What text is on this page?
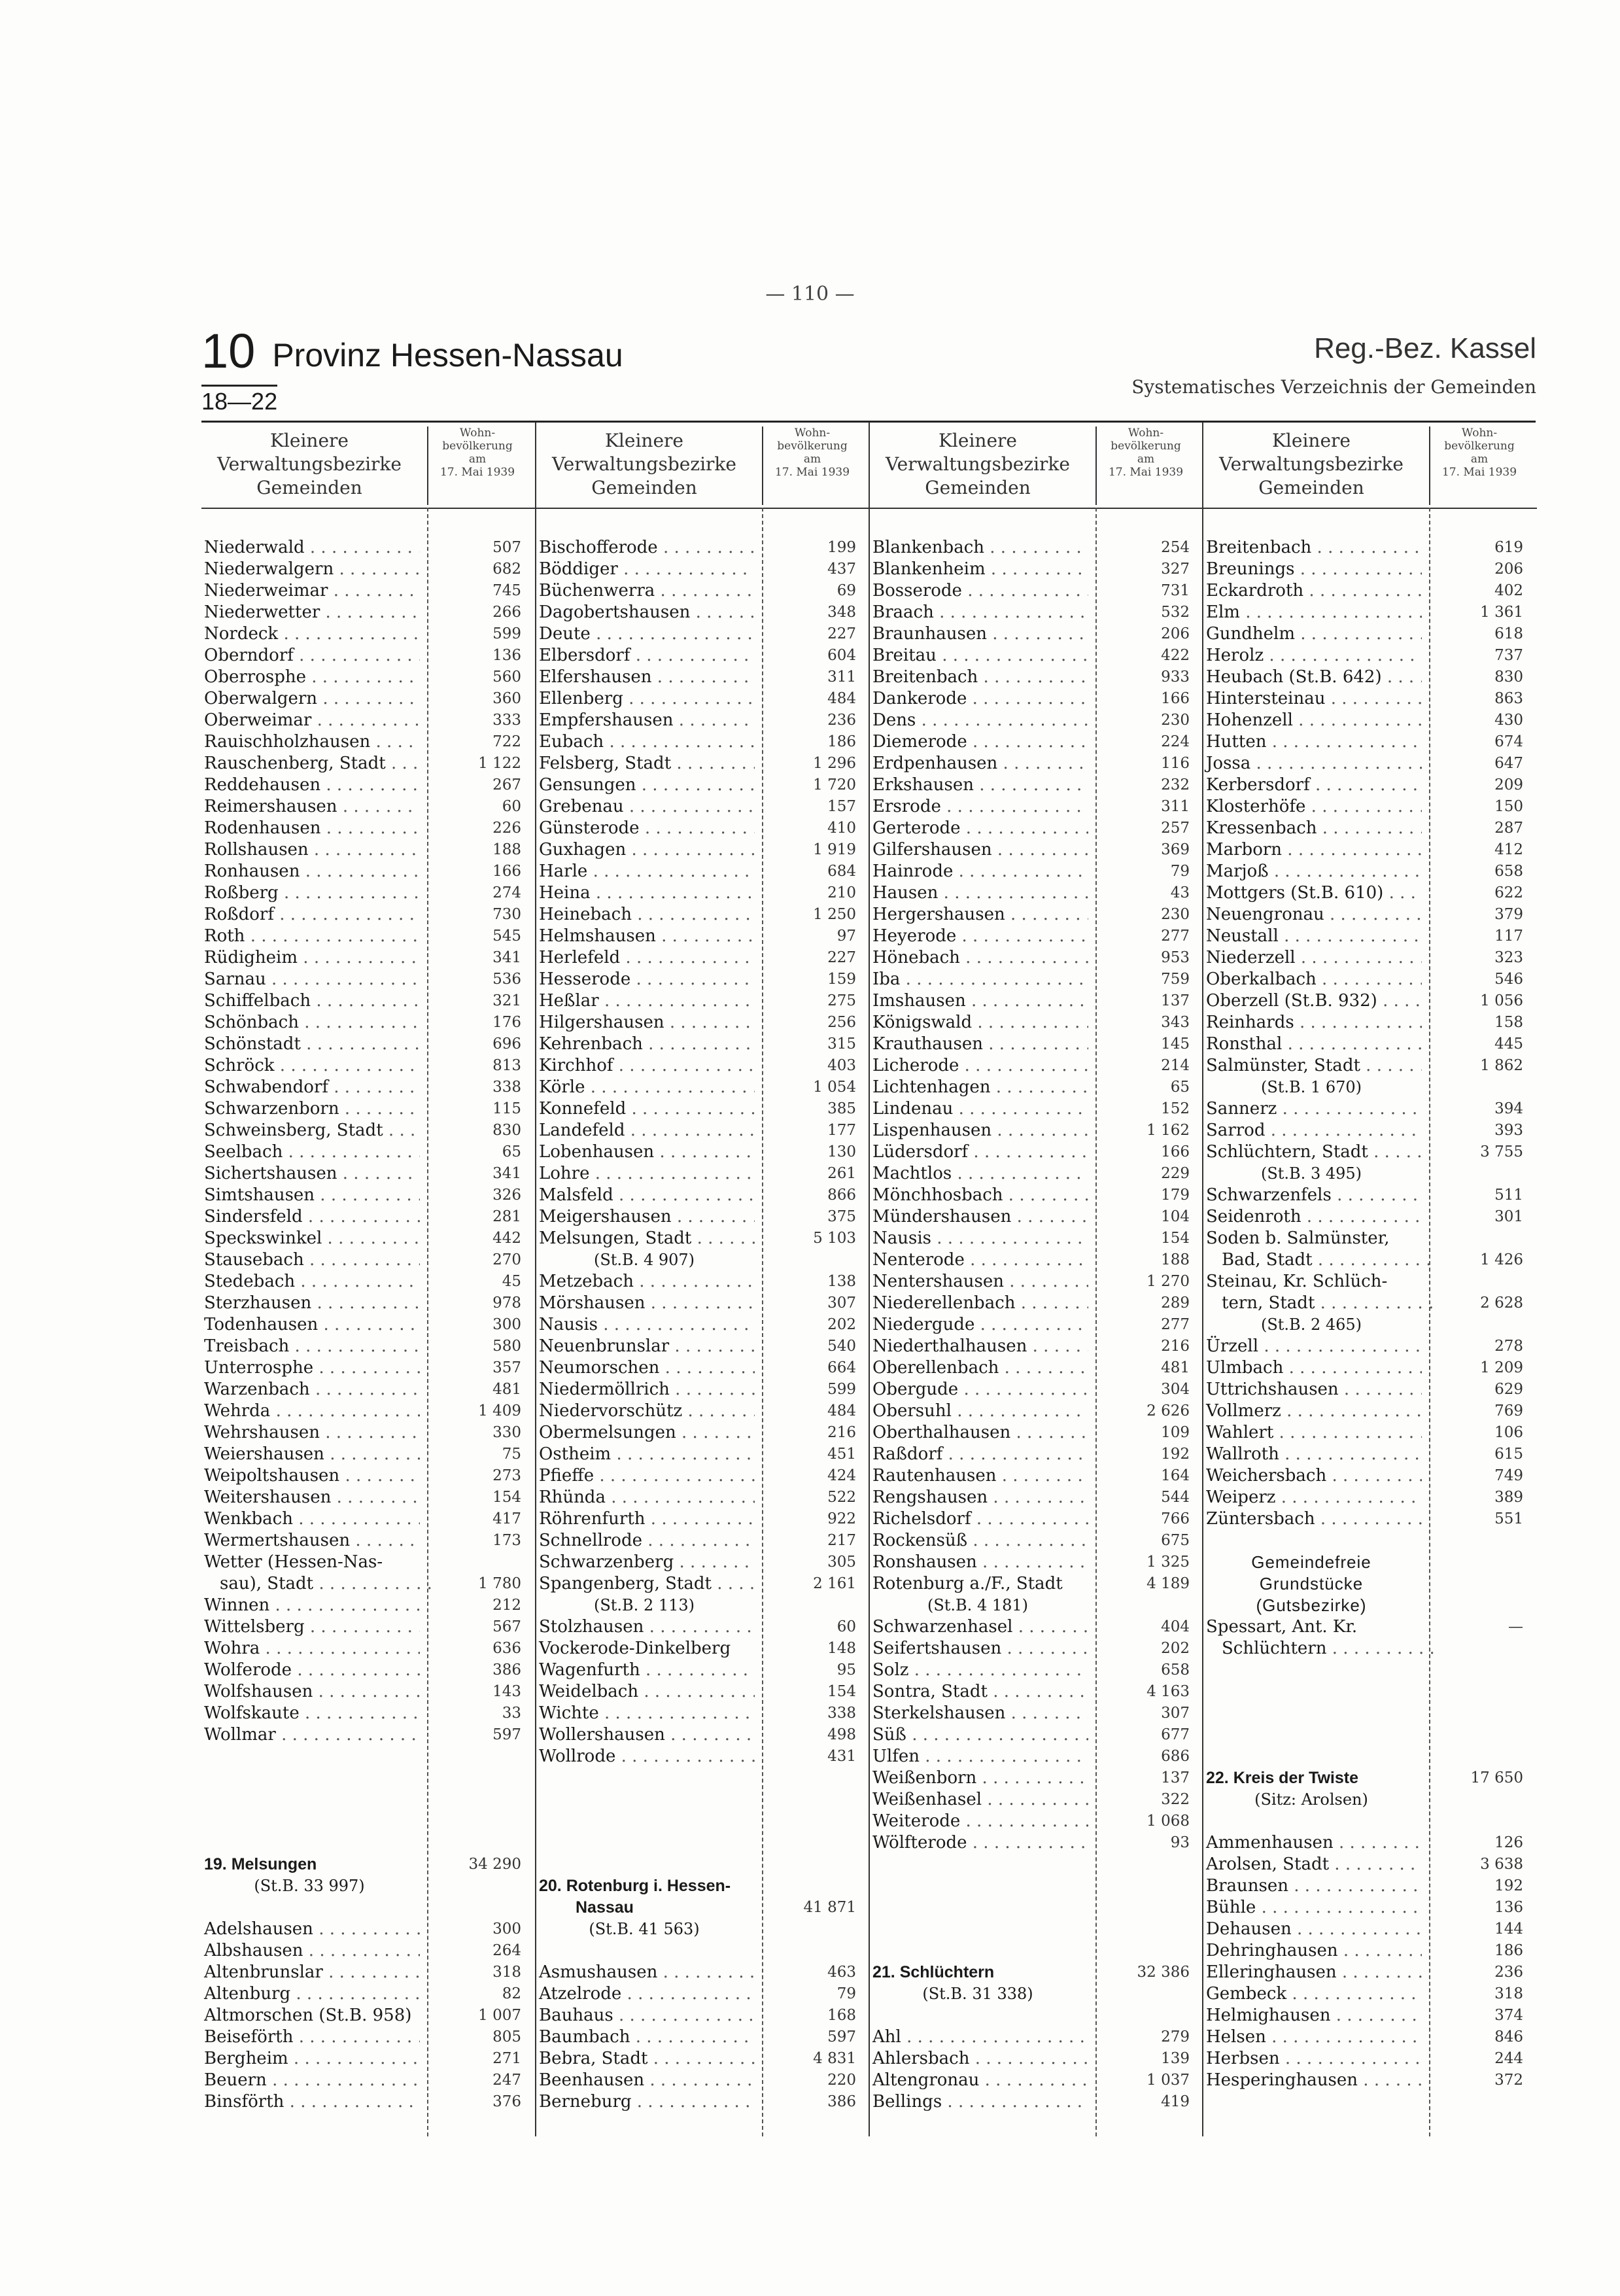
— 110 —
10 Provinz Hessen-Nassau
18—22
Reg.-Bez. Kassel
Systematisches Verzeichnis der Gemeinden
Kleinere
Verwaltungsbezirke
Gemeinden
Wohn-
bevölkerung
am
17. Mai 1939
Niederwald . . .	507
Niederwalgern . . .	682
Niederweimar . . .	745
Niederwetter . . .	266
Nordeck . . .	599
Oberndorf . . .	136
Oberrosphe . . .	560
Oberwalgern . . .	360
Oberweimar . . .	333
Rauischholzhausen . . .	722
Rauschenberg, Stadt . . .	1 122
Reddehausen . . .	267
Reimershausen . . .	60
Rodenhausen . . .	226
Rollshausen . . .	188
Ronhausen . . .	166
Roßberg . . .	274
Roßdorf . . .	730
Roth . . .	545
Rüdigheim . . .	341
Sarnau . . .	536
Schiffelbach . . .	321
Schönbach . . .	176
Schönstadt . . .	696
Schröck . . .	813
Schwabendorf . . .	338
Schwarzenborn . . .	115
Schweinsberg, Stadt . . .	830
Seelbach . . .	65
Sichertshausen . . .	341
Simtshausen . . .	326
Sindersfeld . . .	281
Speckswinkel . . .	442
Stausebach . . .	270
Stedebach . . .	45
Sterzhausen . . .	978
Todenhausen . . .	300
Treisbach . . .	580
Unterrosphe . . .	357
Warzenbach . . .	481
Wehrda . . .	1 409
Wehrshausen . . .	330
Weiershausen . . .	75
Weipoltshausen . . .	273
Weitershausen . . .	154
Wenkbach . . .	417
Wermertshausen . . .	173
Wetter (Hessen-Nas-
sau), Stadt . . .	1 780
Winnen . . .	212
Wittelsberg . . .	567
Wohra . . .	636
Wolferode . . .	386
Wolfshausen . . .	143
Wolfskaute . . .	33
Wollmar . . .	597
19. Melsungen	34 290
(St.B. 33 997)
Adelshausen . . .	300
Albshausen . . .	264
Altenbrunslar . . .	318
Altenburg . . .	82
Altmorschen (St.B. 958)	1 007
Beiseförth . . .	805
Bergheim . . .	271
Beuern . . .	247
Binsförth . . .	376
Kleinere
Verwaltungsbezirke
Gemeinden
Wohn-
bevölkerung
am
17. Mai 1939
Bischofferode . . .	199
Böddiger . . .	437
Büchenwerra . . .	69
Dagobertshausen . . .	348
Deute . . .	227
Elbersdorf . . .	604
Elfershausen . . .	311
Ellenberg . . .	484
Empfershausen . . .	236
Eubach . . .	186
Felsberg, Stadt . . .	1 296
Gensungen . . .	1 720
Grebenau . . .	157
Günsterode . . .	410
Guxhagen . . .	1 919
Harle . . .	684
Heina . . .	210
Heinebach . . .	1 250
Helmshausen . . .	97
Herlefeld . . .	227
Hesserode . . .	159
Heßlar . . .	275
Hilgershausen . . .	256
Kehrenbach . . .	315
Kirchhof . . .	403
Körle . . .	1 054
Konnefeld . . .	385
Landefeld . . .	177
Lobenhausen . . .	130
Lohre . . .	261
Malsfeld . . .	866
Meigershausen . . .	375
Melsungen, Stadt . . .	5 103
(St.B. 4 907)
Metzebach . . .	138
Mörshausen . . .	307
Nausis . . .	202
Neuenbrunslar . . .	540
Neumorschen . . .	664
Niedermöllrich . . .	599
Niedervorschütz . . .	484
Obermelsungen . . .	216
Ostheim . . .	451
Pfieffe . . .	424
Rhünda . . .	522
Röhrenfurth . . .	922
Schnellrode . . .	217
Schwarzenberg . . .	305
Spangenberg, Stadt . . .	2 161
(St.B. 2 113)
Stolzhausen . . .	60
Vockerode-Dinkelberg	148
Wagenfurth . . .	95
Weidelbach . . .	154
Wichte . . .	338
Wollershausen . . .	498
Wollrode . . .	431
20. Rotenburg i. Hessen-
Nassau	41 871
(St.B. 41 563)
Asmushausen . . .	463
Atzelrode . . .	79
Bauhaus . . .	168
Baumbach . . .	597
Bebra, Stadt . . .	4 831
Beenhausen . . .	220
Berneburg . . .	386
Kleinere
Verwaltungsbezirke
Gemeinden
Wohn-
bevölkerung
am
17. Mai 1939
Blankenbach . . .	254
Blankenheim . . .	327
Bosserode . . .	731
Braach . . .	532
Braunhausen . . .	206
Breitau . . .	422
Breitenbach . . .	933
Dankerode . . .	166
Dens . . .	230
Diemerode . . .	224
Erdpenhausen . . .	116
Erkshausen . . .	232
Ersrode . . .	311
Gerterode . . .	257
Gilfershausen . . .	369
Hainrode . . .	79
Hausen . . .	43
Hergershausen . . .	230
Heyerode . . .	277
Hönebach . . .	953
Iba . . .	759
Imshausen . . .	137
Königswald . . .	343
Krauthausen . . .	145
Licherode . . .	214
Lichtenhagen . . .	65
Lindenau . . .	152
Lispenhausen . . .	1 162
Lüdersdorf . . .	166
Machtlos . . .	229
Mönchhosbach . . .	179
Mündershausen . . .	104
Nausis . . .	154
Nenterode . . .	188
Nentershausen . . .	1 270
Niederellenbach . . .	289
Niedergude . . .	277
Niederthalhausen . . .	216
Oberellenbach . . .	481
Obergude . . .	304
Obersuhl . . .	2 626
Oberthalhausen . . .	109
Raßdorf . . .	192
Rautenhausen . . .	164
Rengshausen . . .	544
Richelsdorf . . .	766
Rockensüß . . .	675
Ronshausen . . .	1 325
Rotenburg a./F., Stadt	4 189
(St.B. 4 181)
Schwarzenhasel . . .	404
Seifertshausen . . .	202
Solz . . .	658
Sontra, Stadt . . .	4 163
Sterkelshausen . . .	307
Süß . . .	677
Ulfen . . .	686
Weißenborn . . .	137
Weißenhasel . . .	322
Weiterode . . .	1 068
Wölfterode . . .	93
21. Schlüchtern	32 386
(St.B. 31 338)
Ahl . . .	279
Ahlersbach . . .	139
Altengronau . . .	1 037
Bellings . . .	419
Kleinere
Verwaltungsbezirke
Gemeinden
Wohn-
bevölkerung
am
17. Mai 1939
Breitenbach . . .	619
Breunings . . .	206
Eckardroth . . .	402
Elm . . .	1 361
Gundhelm . . .	618
Herolz . . .	737
Heubach (St.B. 642) . . .	830
Hintersteinau . . .	863
Hohenzell . . .	430
Hutten . . .	674
Jossa . . .	647
Kerbersdorf . . .	209
Klosterhöfe . . .	150
Kressenbach . . .	287
Marborn . . .	412
Marjoß . . .	658
Mottgers (St.B. 610) . . .	622
Neuengronau . . .	379
Neustall . . .	117
Niederzell . . .	323
Oberkalbach . . .	546
Oberzell (St.B. 932) . . .	1 056
Reinhards . . .	158
Ronsthal . . .	445
Salmünster, Stadt . . .	1 862
(St.B. 1 670)
Sannerz . . .	394
Sarrod . . .	393
Schlüchtern, Stadt . . .	3 755
(St.B. 3 495)
Schwarzenfels . . .	511
Seidenroth . . .	301
Soden b. Salmünster,
Bad, Stadt . . .	1 426
Steinau, Kr. Schlüch-
tern, Stadt . . .	2 628
(St.B. 2 465)
Ürzell . . .	278
Ulmbach . . .	1 209
Uttrichshausen . . .	629
Vollmerz . . .	769
Wahlert . . .	106
Wallroth . . .	615
Weichersbach . . .	749
Weiperz . . .	389
Züntersbach . . .	551
Gemeindefreie
Grundstücke
(Gutsbezirke)
Spessart, Ant. Kr.	—
Schlüchtern . . .
22. Kreis der Twiste	17 650
(Sitz: Arolsen)
Ammenhausen . . .	126
Arolsen, Stadt . . .	3 638
Braunsen . . .	192
Bühle . . .	136
Dehausen . . .	144
Dehringhausen . . .	186
Elleringhausen . . .	236
Gembeck . . .	318
Helmighausen . . .	374
Helsen . . .	846
Herbsen . . .	244
Hesperinghausen . . .	372
